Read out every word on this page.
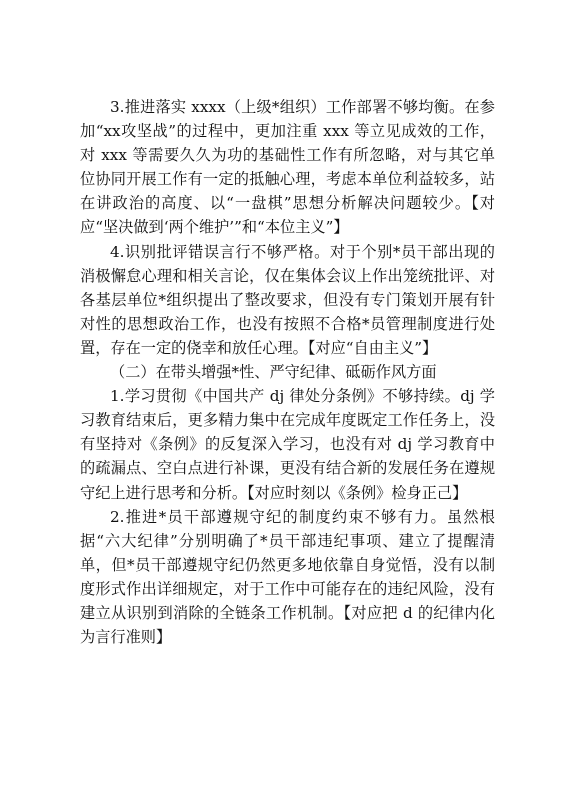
3.推进落实 xxxx（上级*组织）工作部署不够均衡。在参加“xx攻坚战”的过程中，更加注重 xxx 等立见成效的工作，对 xxx 等需要久久为功的基础性工作有所忽略，对与其它单位协同开展工作有一定的抵触心理，考虑本单位利益较多，站在讲政治的高度、以“一盘棋”思想分析解决问题较少。【对应“坚决做到‘两个维护’”和“本位主义”】

4.识别批评错误言行不够严格。对于个别*员干部出现的消极懈怠心理和相关言论，仅在集体会议上作出笼统批评、对各基层单位*组织提出了整改要求，但没有专门策划开展有针对性的思想政治工作，也没有按照不合格*员管理制度进行处置，存在一定的侥幸和放任心理。【对应“自由主义”】

（二）在带头增强*性、严守纪律、砥砺作风方面

1.学习贯彻《中国共产 dj 律处分条例》不够持续。dj 学习教育结束后，更多精力集中在完成年度既定工作任务上，没有坚持对《条例》的反复深入学习，也没有对 dj 学习教育中的疏漏点、空白点进行补课，更没有结合新的发展任务在遵规守纪上进行思考和分析。【对应时刻以《条例》检身正己】

2.推进*员干部遵规守纪的制度约束不够有力。虽然根据“六大纪律”分别明确了*员干部违纪事项、建立了提醒清单，但*员干部遵规守纪仍然更多地依靠自身觉悟，没有以制度形式作出详细规定，对于工作中可能存在的违纪风险，没有建立从识别到消除的全链条工作机制。【对应把 d 的纪律内化为言行准则】
